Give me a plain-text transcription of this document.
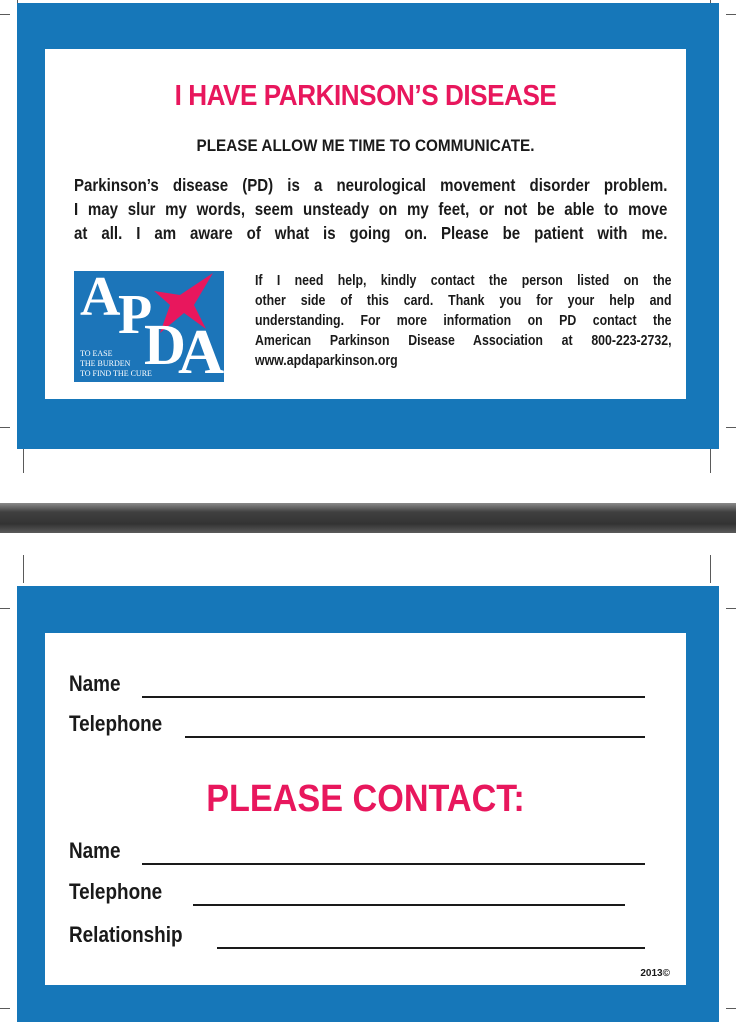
I HAVE PARKINSON’S DISEASE
PLEASE ALLOW ME TIME TO COMMUNICATE.
Parkinson’s disease (PD) is a neurological movement disorder problem.
I may slur my words, seem unsteady on my feet, or not be able to move
at all. I am aware of what is going on. Please be patient with me.
A
P
D
A
TO EASE
THE BURDEN
TO FIND THE CURE
If I need help, kindly contact the person listed on the
other side of this card. Thank you for your help and
understanding. For more information on PD contact the
American Parkinson Disease Association at 800-223-2732,
www.apdaparkinson.org
Name
Telephone
PLEASE CONTACT:
Name
Telephone
Relationship
2013©
